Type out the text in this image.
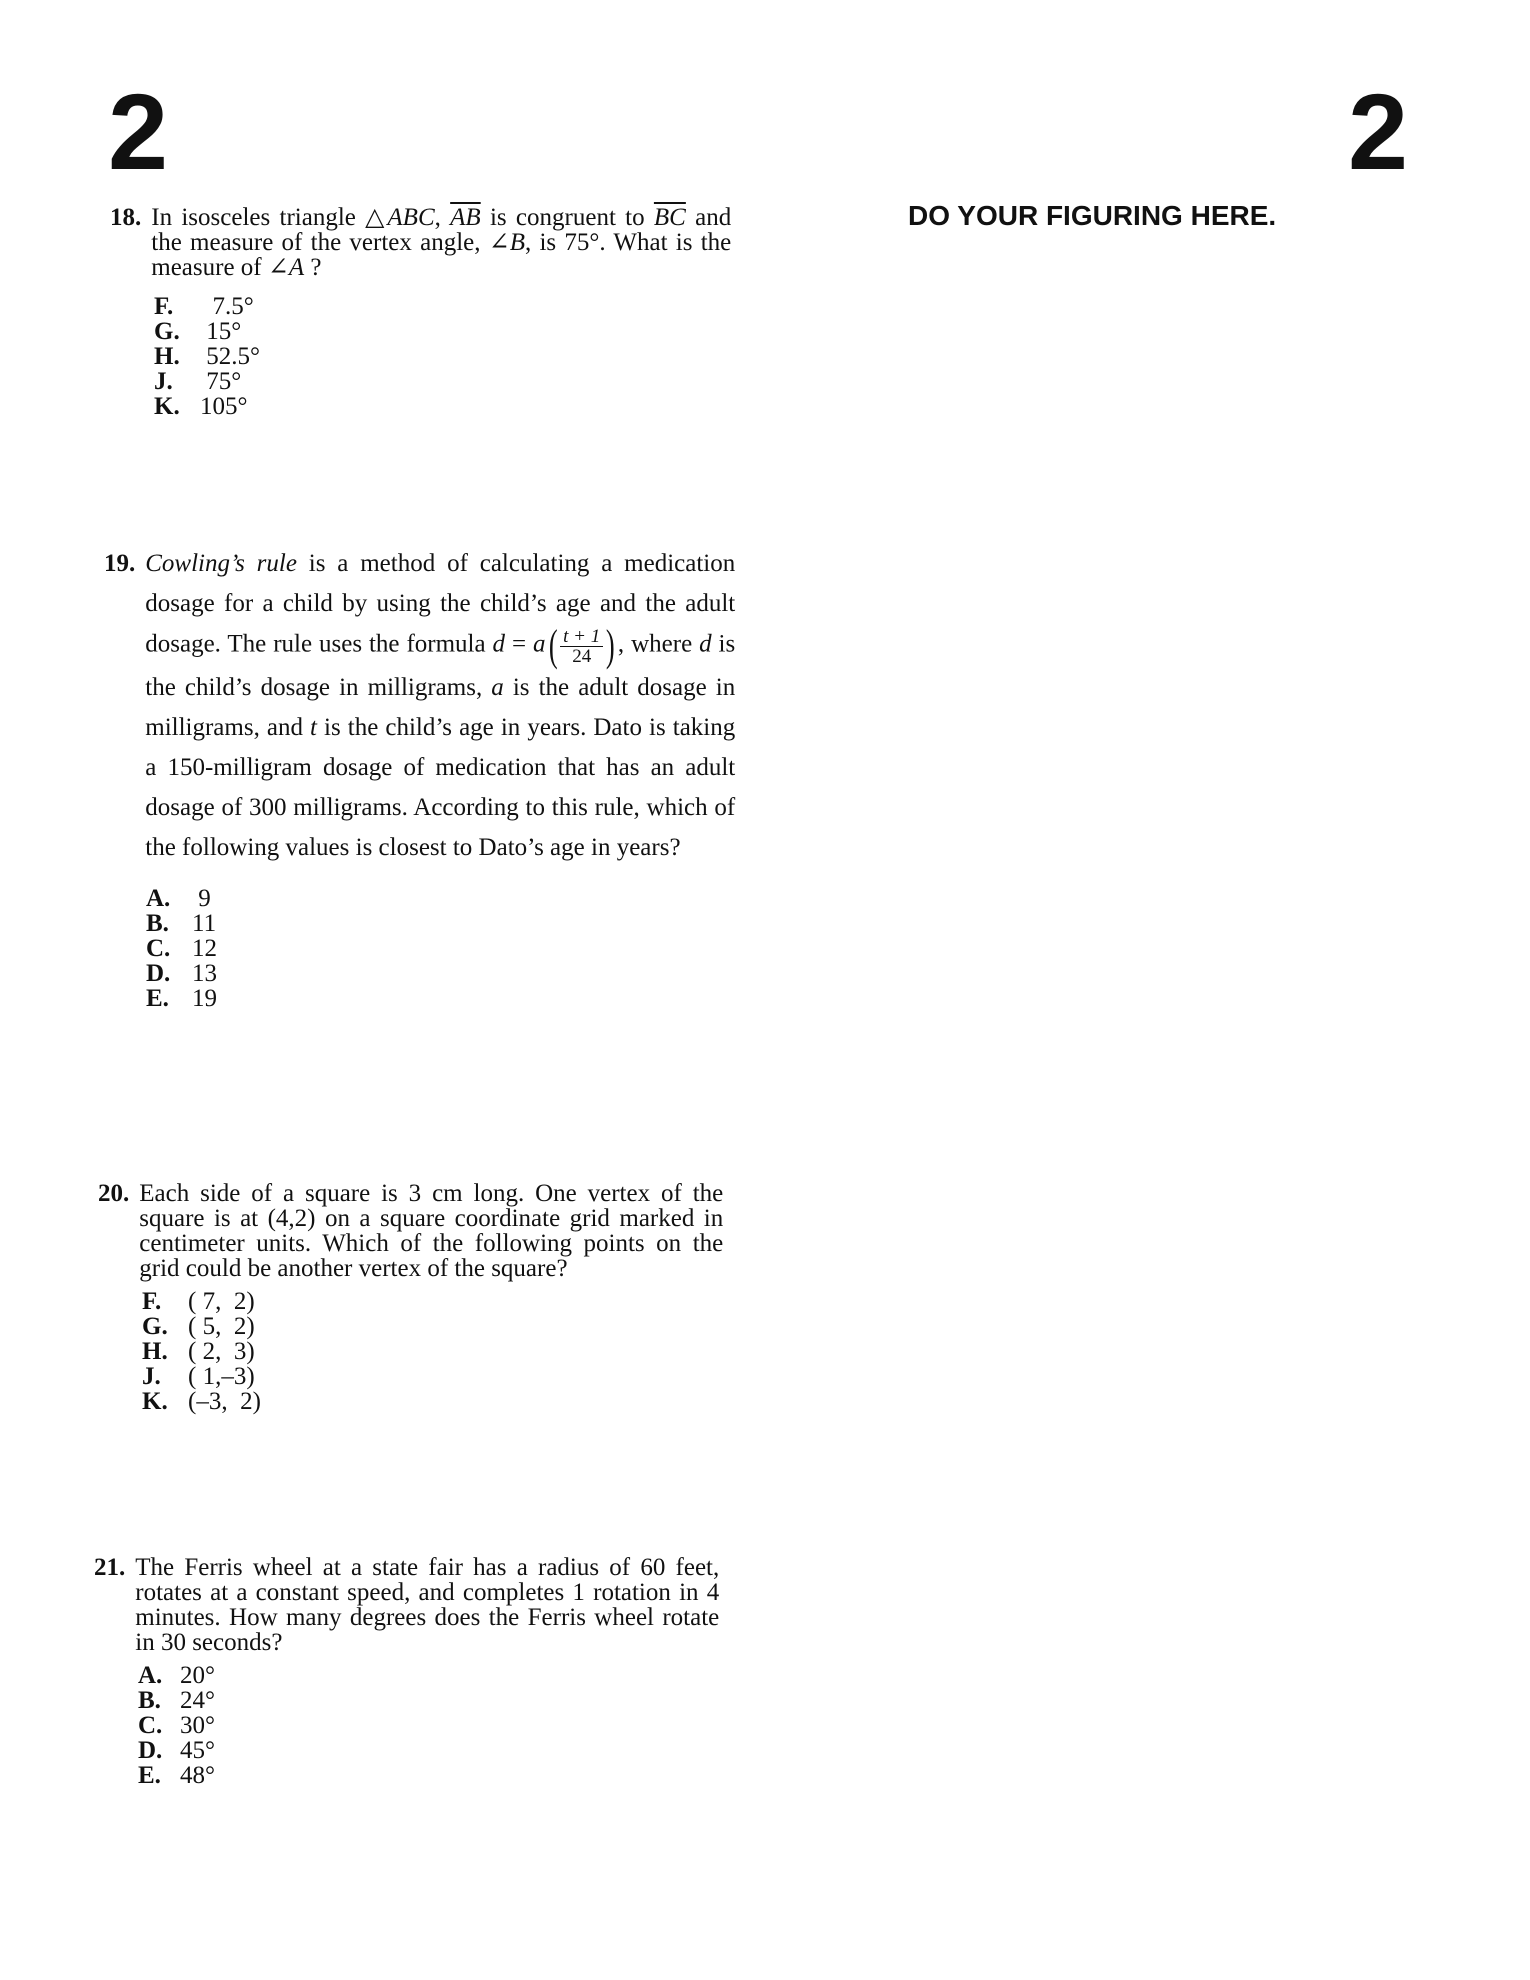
2	2
DO YOUR FIGURING HERE.
18. In isosceles triangle △ABC, $\overline{AB}$ is congruent to $\overline{BC}$ and the measure of the vertex angle, ∠B, is 75°. What is the measure of ∠A ?
F.	7.5°
G. 15°
H. 52.5°
J.	75°
K. 105°
19. Cowling’s rule is a method of calculating a medication dosage for a child by using the child’s age and the adult dosage. The rule uses the formula $d = a( \frac{t + 1}{24}$ ) , where d is the child’s dosage in milligrams, a is the adult dosage in milligrams, and t is the child’s age in years. Dato is taking a 150-milligram dosage of medication that has an adult dosage of 300 milligrams. According to this rule, which of the following values is closest to Dato’s age in years?
A. 9
B. 11
C. 12
D. 13
E. 19
20. Each side of a square is 3 cm long. One vertex of the square is at (4,2) on a square coordinate grid marked in centimeter units. Which of the following points on the grid could be another vertex of the square?
F.	( 7,  2)
G. ( 5,  2)
H. ( 2,  3)
J.	( 1,–3)
K. (–3,  2)
21. The Ferris wheel at a state fair has a radius of 60 feet, rotates at a constant speed, and completes 1 rotation in 4 minutes. How many degrees does the Ferris wheel rotate in 30 seconds?
A. 20°
B. 24°
C. 30°
D. 45°
E. 48°
